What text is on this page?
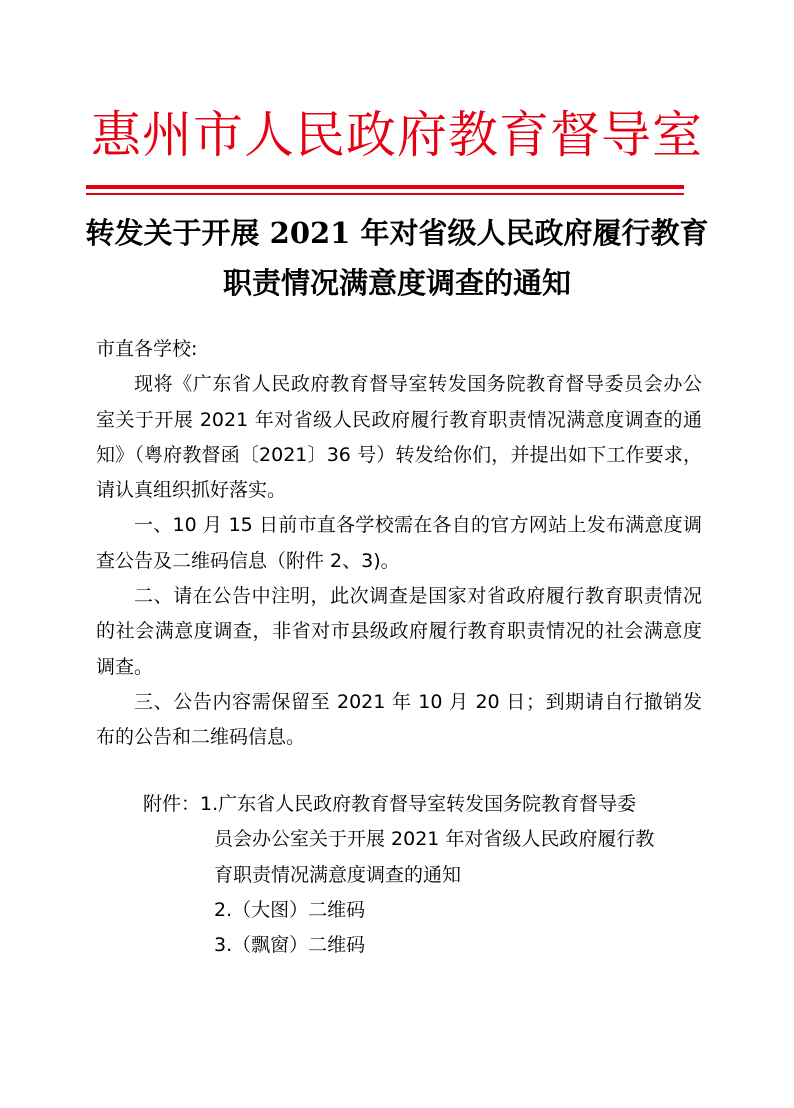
惠州市人民政府教育督导室
转发关于开展 2021 年对省级人民政府履行教育
职责情况满意度调查的通知

市直各学校:

现将《广东省人民政府教育督导室转发国务院教育督导委员会办公室关于开展 2021 年对省级人民政府履行教育职责情况满意度调查的通知》（粤府教督函〔2021〕36 号）转发给你们，并提出如下工作要求，请认真组织抓好落实。

一、10 月 15 日前市直各学校需在各自的官方网站上发布满意度调查公告及二维码信息（附件 2、3)。

二、请在公告中注明，此次调查是国家对省政府履行教育职责情况的社会满意度调查，非省对市县级政府履行教育职责情况的社会满意度调查。

三、公告内容需保留至 2021 年 10 月 20 日；到期请自行撤销发布的公告和二维码信息。

附件： 1.广东省人民政府教育督导室转发国务院教育督导委
员会办公室关于开展 2021 年对省级人民政府履行教
育职责情况满意度调查的通知
2.（大图）二维码
3.（飘窗）二维码
